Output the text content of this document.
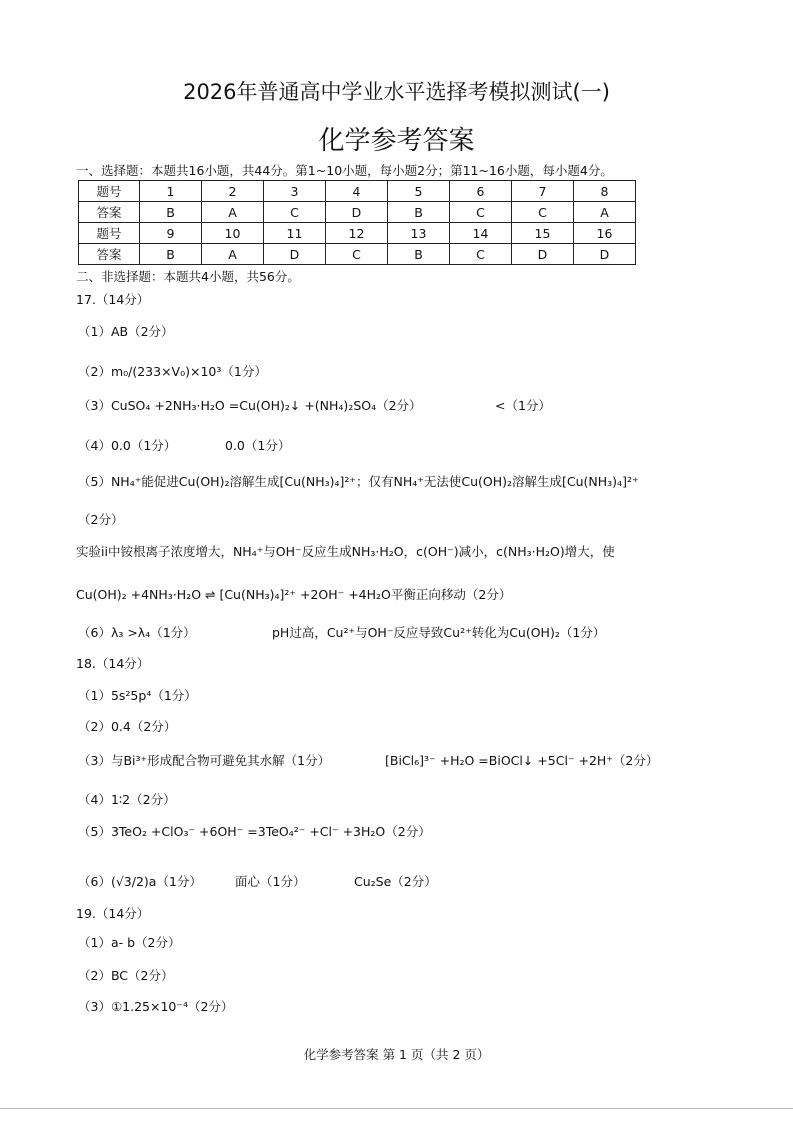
2026年普通高中学业水平选择考模拟测试(一)
化学参考答案
一、选择题：本题共16小题，共44分。第1~10小题，每小题2分；第11~16小题，每小题4分。
题号	1	2	3	4	5	6	7	8
答案	B	A	C	D	B	C	C	A
题号	9	10	11	12	13	14	15	16
答案	B	A	D	C	B	C	D	D
二、非选择题：本题共4小题，共56分。
17.（14分）
（1）AB（2分）
（2）m₀/(233×V₀)×10³（1分）
（3）CuSO₄ +2NH₃·H₂O =Cu(OH)₂↓ +(NH₄)₂SO₄（2分）	<（1分）
（4）0.0（1分）	0.0（1分）
（5）NH₄⁺能促进Cu(OH)₂溶解生成[Cu(NH₃)₄]²⁺；仅有NH₄⁺无法使Cu(OH)₂溶解生成[Cu(NH₃)₄]²⁺
（2分）
实验ii中铵根离子浓度增大，NH₄⁺与OH⁻反应生成NH₃·H₂O，c(OH⁻)减小，c(NH₃·H₂O)增大，使
Cu(OH)₂ +4NH₃·H₂O ⇌ [Cu(NH₃)₄]²⁺ +2OH⁻ +4H₂O平衡正向移动（2分）
（6）λ₃ >λ₄（1分）	pH过高，Cu²⁺与OH⁻反应导致Cu²⁺转化为Cu(OH)₂（1分）
18.（14分）
（1）5s²5p⁴（1分）
（2）0.4（2分）
（3）与Bi³⁺形成配合物可避免其水解（1分）	[BiCl₆]³⁻ +H₂O =BiOCl↓ +5Cl⁻ +2H⁺（2分）
（4）1∶2（2分）
（5）3TeO₂ +ClO₃⁻ +6OH⁻ =3TeO₄²⁻ +Cl⁻ +3H₂O（2分）
（6）(√3/2)a（1分）	面心（1分）	Cu₂Se（2分）
19.（14分）
（1）a- b（2分）
（2）BC（2分）
（3）①1.25×10⁻⁴（2分）
化学参考答案 第 1 页（共 2 页）
